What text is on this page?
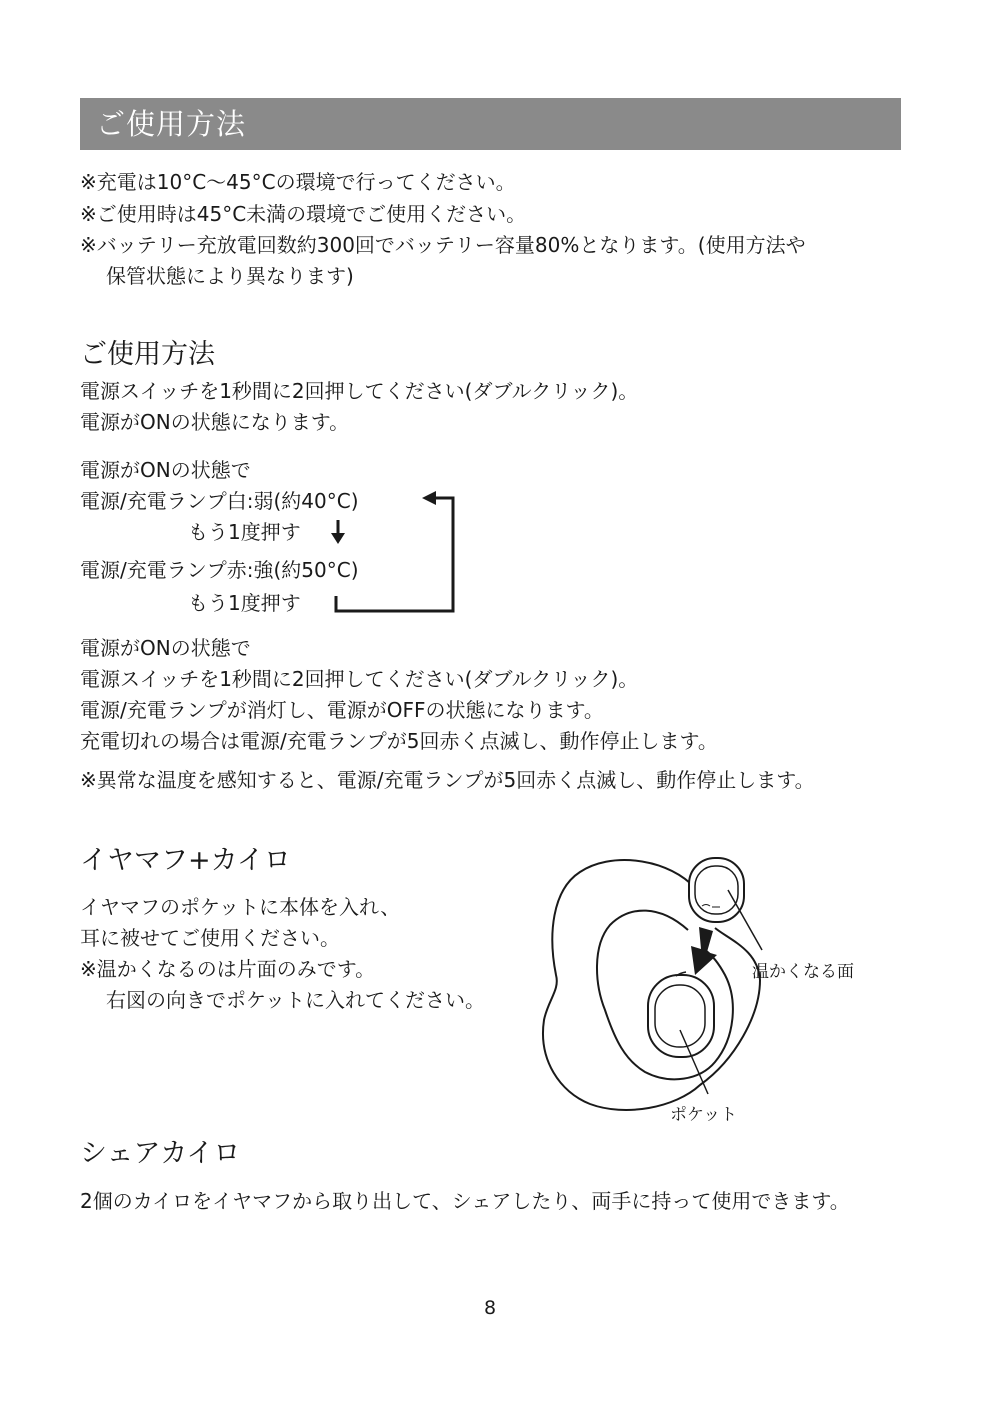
ご使用方法
※充電は10°C～45°Cの環境で行ってください。
※ご使用時は45°C未満の環境でご使用ください。
※バッテリー充放電回数約300回でバッテリー容量80%となります。(使用方法や
保管状態により異なります)
ご使用方法
電源スイッチを1秒間に2回押してください(ダブルクリック)。
電源がONの状態になります。
電源がONの状態で
電源/充電ランプ白:弱(約40°C)
もう1度押す
電源/充電ランプ赤:強(約50°C)
もう1度押す
電源がONの状態で
電源スイッチを1秒間に2回押してください(ダブルクリック)。
電源/充電ランプが消灯し、電源がOFFの状態になります。
充電切れの場合は電源/充電ランプが5回赤く点滅し、動作停止します。
※異常な温度を感知すると、電源/充電ランプが5回赤く点滅し、動作停止します。
イヤマフ+カイロ
イヤマフのポケットに本体を入れ、
耳に被せてご使用ください。
※温かくなるのは片面のみです。
右図の向きでポケットに入れてください。
温かくなる面
ポケット
シェアカイロ
2個のカイロをイヤマフから取り出して、シェアしたり、両手に持って使用できます。
8
